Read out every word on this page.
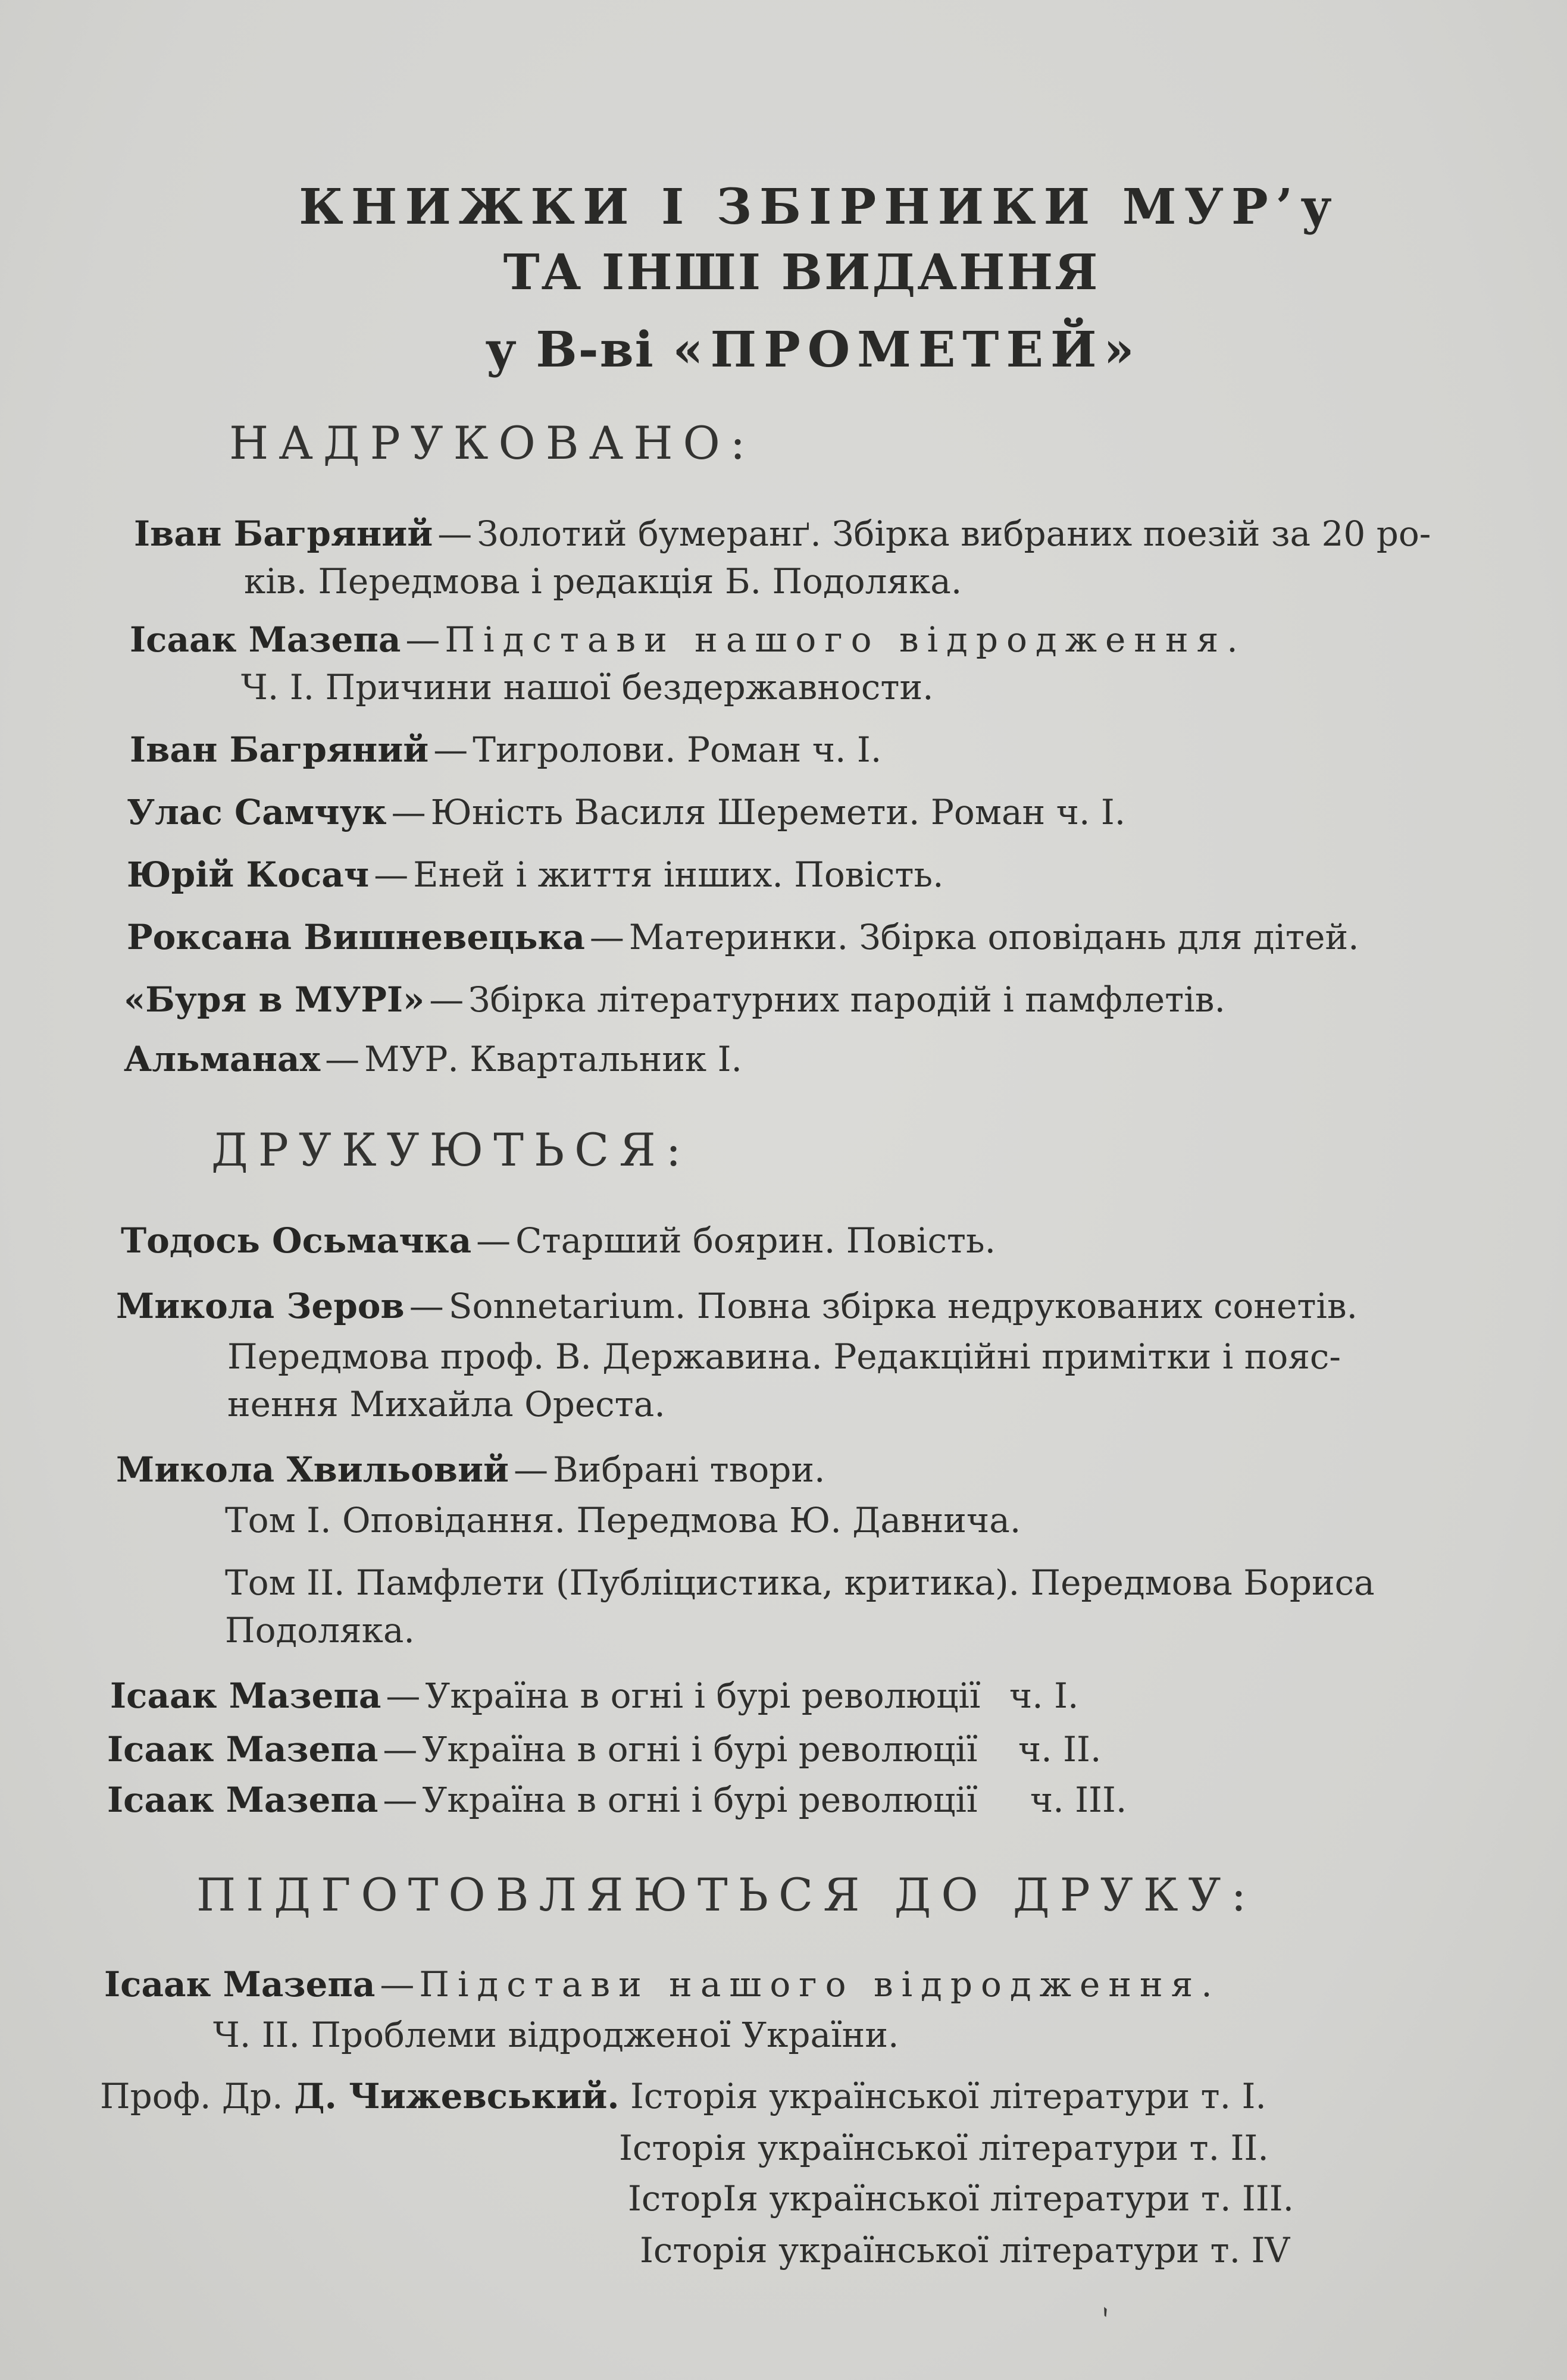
КНИЖКИ І ЗБІРНИКИ МУР’у
ТА ІНШІ ВИДАННЯ
у В-ві «ПРОМЕТЕЙ»
НАДРУКОВАНО:
Іван Багряний — Золотий бумеранґ. Збірка вибраних поезій за 20 ро-
ків. Передмова і редакція Б. Подоляка.
Ісаак Мазепа — Підстави нашого відродження.
Ч. І. Причини нашої бездержавности.
Іван Багряний — Тигролови. Роман ч. І.
Улас Самчук — Юність Василя Шеремети. Роман ч. І.
Юрій Косач — Еней і життя інших. Повість.
Роксана Вишневецька — Материнки. Збірка оповідань для дітей.
«Буря в МУРІ» — Збірка літературних пародій і памфлетів.
Альманах — МУР. Квартальник І.
ДРУКУЮТЬСЯ:
Тодось Осьмачка — Старший боярин. Повість.
Микола Зеров — Sonnetarium. Повна збірка недрукованих сонетів.
Передмова проф. В. Державина. Редакційні примітки і пояс-
нення Михайла Ореста.
Микола Хвильовий — Вибрані твори.
Том I. Оповідання. Передмова Ю. Давнича.
Том II. Памфлети (Публіцистика, критика). Передмова Бориса
Подоляка.
Ісаак Мазепа — Україна в огні і бурі революції ч. I.
Ісаак Мазепа — Україна в огні і бурі революції ч. II.
Ісаак Мазепа — Україна в огні і бурі революції ч. III.
ПІДГОТОВЛЯЮТЬСЯ ДО ДРУКУ:
Ісаак Мазепа — Підстави нашого відродження.
Ч. II. Проблеми відродженої України.
Проф. Др. Д. Чижевський. Історія української літератури т. I.
Історія української літератури т. II.
ІсторІя української літератури т. III.
Історія української літератури т. IV
ˋ
